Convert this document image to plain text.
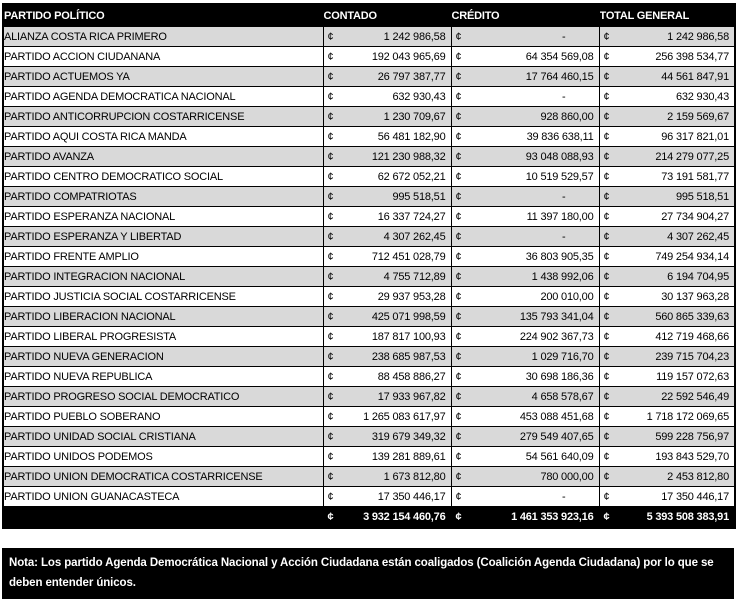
PARTIDO POLÍTICO	CONTADO	CRÉDITO	TOTAL GENERAL
ALIANZA COSTA RICA PRIMERO	¢ 1 242 986,58	¢ -	¢ 1 242 986,58

PARTIDO ACCION CIUDANANA	¢ 192 043 965,69	¢ 64 354 569,08	¢ 256 398 534,77

PARTIDO ACTUEMOS YA	¢ 26 797 387,77	¢ 17 764 460,15	¢ 44 561 847,91

PARTIDO AGENDA DEMOCRATICA NACIONAL	¢ 632 930,43	¢ -	¢ 632 930,43

PARTIDO ANTICORRUPCION COSTARRICENSE	¢ 1 230 709,67	¢ 928 860,00	¢ 2 159 569,67

PARTIDO AQUI COSTA RICA MANDA	¢ 56 481 182,90	¢ 39 836 638,11	¢ 96 317 821,01

PARTIDO AVANZA	¢ 121 230 988,32	¢ 93 048 088,93	¢ 214 279 077,25

PARTIDO CENTRO DEMOCRATICO SOCIAL	¢ 62 672 052,21	¢ 10 519 529,57	¢ 73 191 581,77

PARTIDO COMPATRIOTAS	¢ 995 518,51	¢ -	¢ 995 518,51

PARTIDO ESPERANZA NACIONAL	¢ 16 337 724,27	¢ 11 397 180,00	¢ 27 734 904,27

PARTIDO ESPERANZA Y LIBERTAD	¢ 4 307 262,45	¢ -	¢ 4 307 262,45

PARTIDO FRENTE AMPLIO	¢ 712 451 028,79	¢ 36 803 905,35	¢ 749 254 934,14

PARTIDO INTEGRACION NACIONAL	¢ 4 755 712,89	¢ 1 438 992,06	¢ 6 194 704,95

PARTIDO JUSTICIA SOCIAL COSTARRICENSE	¢ 29 937 953,28	¢ 200 010,00	¢ 30 137 963,28

PARTIDO LIBERACION NACIONAL	¢ 425 071 998,59	¢ 135 793 341,04	¢ 560 865 339,63

PARTIDO LIBERAL PROGRESISTA	¢ 187 817 100,93	¢ 224 902 367,73	¢ 412 719 468,66

PARTIDO NUEVA GENERACION	¢ 238 685 987,53	¢ 1 029 716,70	¢ 239 715 704,23

PARTIDO NUEVA REPUBLICA	¢ 88 458 886,27	¢ 30 698 186,36	¢ 119 157 072,63

PARTIDO PROGRESO SOCIAL DEMOCRATICO	¢ 17 933 967,82	¢ 4 658 578,67	¢ 22 592 546,49

PARTIDO PUEBLO SOBERANO	¢ 1 265 083 617,97	¢ 453 088 451,68	¢ 1 718 172 069,65

PARTIDO UNIDAD SOCIAL CRISTIANA	¢ 319 679 349,32	¢ 279 549 407,65	¢ 599 228 756,97

PARTIDO UNIDOS PODEMOS	¢ 139 281 889,61	¢ 54 561 640,09	¢ 193 843 529,70

PARTIDO UNION DEMOCRATICA COSTARRICENSE	¢ 1 673 812,80	¢ 780 000,00	¢ 2 453 812,80

PARTIDO UNION GUANACASTECA	¢ 17 350 446,17	¢ -	¢ 17 350 446,17

TOTAL GENERAL	¢ 3 932 154 460,76	¢ 1 461 353 923,16	¢ 5 393 508 383,91
Nota: Los partido Agenda Democrática Nacional y Acción Ciudadana están coaligados (Coalición Agenda Ciudadana) por lo que se deben entender únicos.
